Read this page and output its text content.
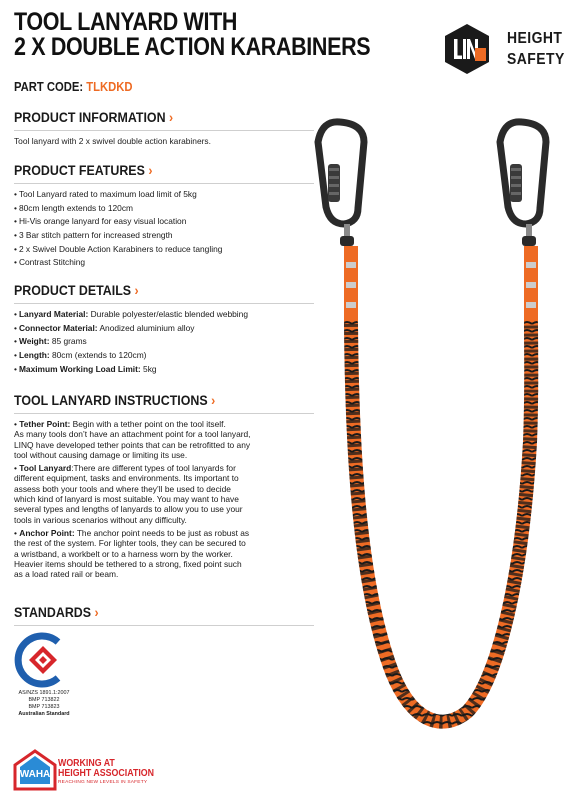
TOOL LANYARD WITH
2 X DOUBLE ACTION KARABINERS
PART CODE: TLKDKD
HEIGHT
SAFETY
PRODUCT INFORMATION ›
Tool lanyard with 2 x swivel double action karabiners.
PRODUCT FEATURES ›
• Tool Lanyard rated to maximum load limit of 5kg
• 80cm length extends to 120cm
• Hi-Vis orange lanyard for easy visual location
• 3 Bar stitch pattern for increased strength
• 2 x Swivel Double Action Karabiners to reduce tangling
• Contrast Stitching
PRODUCT DETAILS ›
• Lanyard Material: Durable polyester/elastic blended webbing
• Connector Material: Anodized aluminium alloy
• Weight: 85 grams
• Length: 80cm (extends to 120cm)
• Maximum Working Load Limit: 5kg
TOOL LANYARD INSTRUCTIONS ›
• Tether Point: Begin with a tether point on the tool itself.
As many tools don’t have an attachment point for a tool lanyard,
LINQ have developed tether points that can be retrofitted to any
tool without causing damage or limiting its use.
• Tool Lanyard:There are different types of tool lanyards for
different equipment, tasks and environments. Its important to
assess both your tools and where they’ll be used to decide
which kind of lanyard is most suitable. You may want to have
several types and lengths of lanyards to allow you to use your
tools in various scenarios without any difficulty.
• Anchor Point: The anchor point needs to be just as robust as
the rest of the system. For lighter tools, they can be secured to
a wristband, a workbelt or to a harness worn by the worker.
Heavier items should be tethered to a strong, fixed point such
as a load rated rail or beam.
STANDARDS ›
AS/NZS 1891.1:2007
BMP 713822
BMP 713823
Australian Standard
WAHA
WORKING AT
HEIGHT ASSOCIATION
REACHING NEW LEVELS IN SAFETY
